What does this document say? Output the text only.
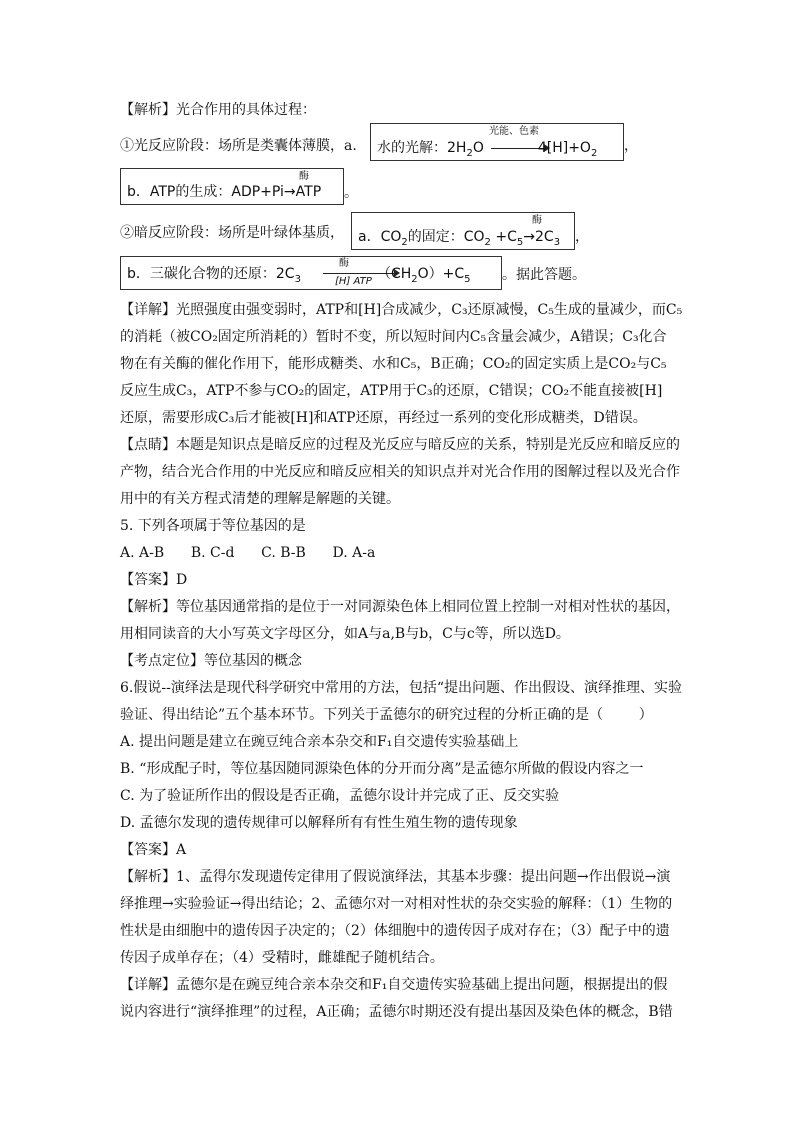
【解析】光合作用的具体过程：
①光反应阶段：场所是类囊体薄膜，a.
光能、色素
水的光解：$2H_2O$	$4[H]+O_2$ ，
酶
b．ATP的生成：ADP+Pi→ATP 。
②暗反应阶段：场所是叶绿体基质，
酶
a．$CO_2$的固定：$CO_2 +C_5\to 2C_3$ ，
酶
[H] ATP
b．三碳化合物的还原：$2C_3$	$(CH_2O)+C_5$ 。据此答题。
【详解】光照强度由强变弱时，ATP和[H]合成减少，C₃还原减慢，C₅生成的量减少，而C₅
的消耗（被CO₂固定所消耗的）暂时不变，所以短时间内C₅含量会减少，A错误；C₃化合
物在有关酶的催化作用下，能形成糖类、水和C₅，B正确；CO₂的固定实质上是CO₂与C₅
反应生成C₃，ATP不参与CO₂的固定，ATP用于C₃的还原，C错误；CO₂不能直接被[H]
还原，需要形成C₃后才能被[H]和ATP还原，再经过一系列的变化形成糖类，D错误。
【点睛】本题是知识点是暗反应的过程及光反应与暗反应的关系，特别是光反应和暗反应的
产物，结合光合作用的中光反应和暗反应相关的知识点并对光合作用的图解过程以及光合作
用中的有关方程式清楚的理解是解题的关键。
5. 下列各项属于等位基因的是
A. A-B      B. C-d      C. B-B      D. A-a
【答案】D
【解析】等位基因通常指的是位于一对同源染色体上相同位置上控制一对相对性状的基因，
用相同读音的大小写英文字母区分，如A与a,B与b，C与c等，所以选D。
【考点定位】等位基因的概念
6.假说--演绎法是现代科学研究中常用的方法，包括“提出问题、作出假设、演绎推理、实验
验证、得出结论”五个基本环节。下列关于孟德尔的研究过程的分析正确的是（        ）
A. 提出问题是建立在豌豆纯合亲本杂交和F₁自交遗传实验基础上
B. “形成配子时，等位基因随同源染色体的分开而分离”是孟德尔所做的假设内容之一
C. 为了验证所作出的假设是否正确，孟德尔设计并完成了正、反交实验
D. 孟德尔发现的遗传规律可以解释所有有性生殖生物的遗传现象
【答案】A
【解析】1、孟得尔发现遗传定律用了假说演绎法，其基本步骤：提出问题→作出假说→演
绎推理→实验验证→得出结论；2、孟德尔对一对相对性状的杂交实验的解释：（1）生物的
性状是由细胞中的遗传因子决定的；（2）体细胞中的遗传因子成对存在；（3）配子中的遗
传因子成单存在；（4）受精时，雌雄配子随机结合。
【详解】孟德尔是在豌豆纯合亲本杂交和F₁自交遗传实验基础上提出问题，根据提出的假
说内容进行“演绎推理”的过程，A正确；孟德尔时期还没有提出基因及染色体的概念，B错
